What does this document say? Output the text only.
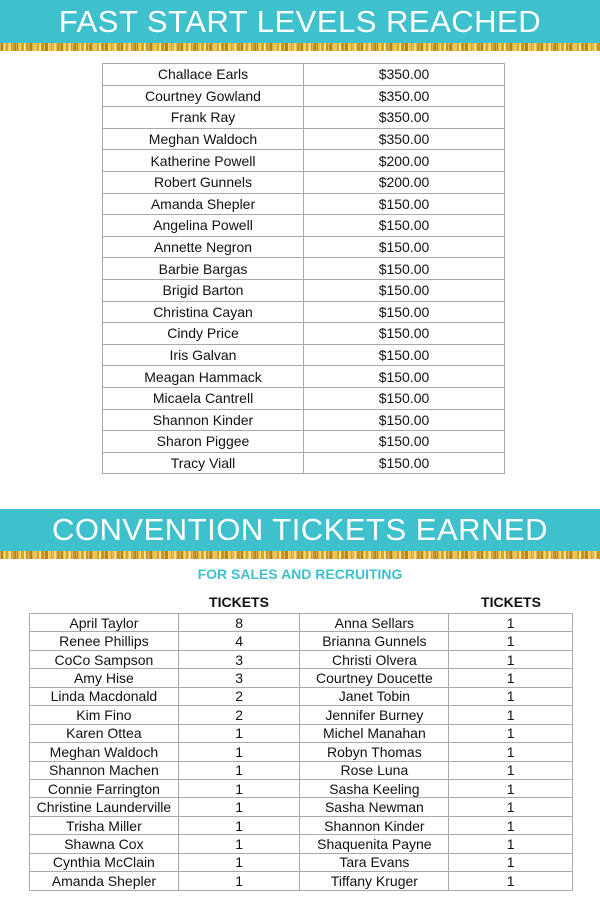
FAST START LEVELS REACHED
Challace Earls	$350.00
Courtney Gowland	$350.00
Frank Ray	$350.00
Meghan Waldoch	$350.00
Katherine Powell	$200.00
Robert Gunnels	$200.00
Amanda Shepler	$150.00
Angelina Powell	$150.00
Annette Negron	$150.00
Barbie Bargas	$150.00
Brigid Barton	$150.00
Christina Cayan	$150.00
Cindy Price	$150.00
Iris Galvan	$150.00
Meagan Hammack	$150.00
Micaela Cantrell	$150.00
Shannon Kinder	$150.00
Sharon Piggee	$150.00
Tracy Viall	$150.00
CONVENTION TICKETS EARNED
FOR SALES AND RECRUITING
TICKETS	TICKETS
April Taylor	8	Anna Sellars	1
Renee Phillips	4	Brianna Gunnels	1
CoCo Sampson	3	Christi Olvera	1
Amy Hise	3	Courtney Doucette	1
Linda Macdonald	2	Janet Tobin	1
Kim Fino	2	Jennifer Burney	1
Karen Ottea	1	Michel Manahan	1
Meghan Waldoch	1	Robyn Thomas	1
Shannon Machen	1	Rose Luna	1
Connie Farrington	1	Sasha Keeling	1
Christine Launderville	1	Sasha Newman	1
Trisha Miller	1	Shannon Kinder	1
Shawna Cox	1	Shaquenita Payne	1
Cynthia McClain	1	Tara Evans	1
Amanda Shepler	1	Tiffany Kruger	1
